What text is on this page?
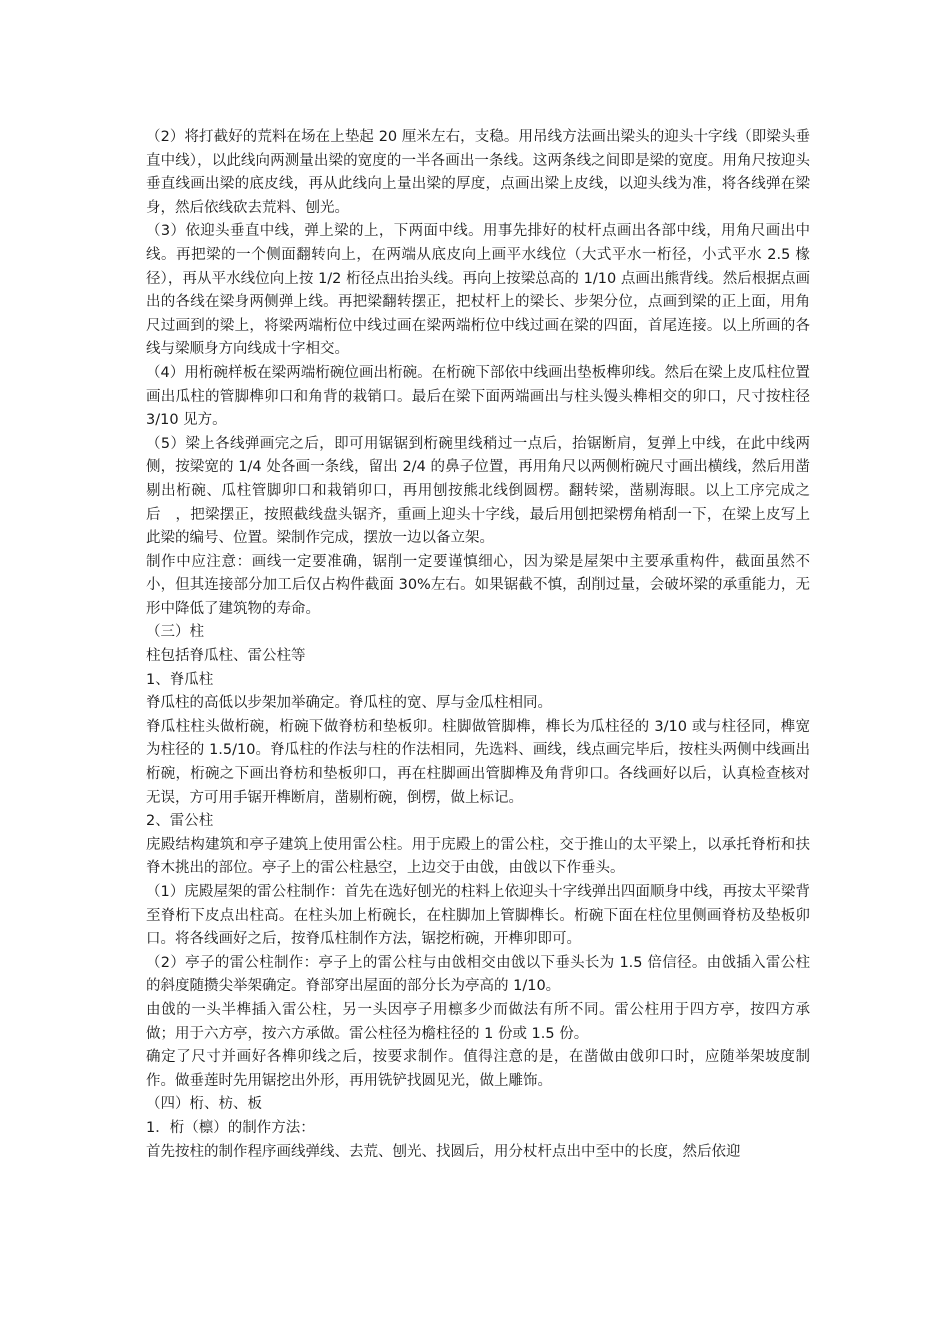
（2）将打截好的荒料在场在上垫起 20 厘米左右，支稳。用吊线方法画出梁头的迎头十字线（即梁头垂直中线），以此线向两测量出梁的宽度的一半各画出一条线。这两条线之间即是梁的宽度。用角尺按迎头垂直线画出梁的底皮线，再从此线向上量出梁的厚度，点画出梁上皮线，以迎头线为准，将各线弹在梁身，然后依线砍去荒料、刨光。

（3）依迎头垂直中线，弹上梁的上，下两面中线。用事先排好的杖杆点画出各部中线，用角尺画出中线。再把梁的一个侧面翻转向上，在两端从底皮向上画平水线位（大式平水一桁径，小式平水 2.5 椽径），再从平水线位向上按 1/2 桁径点出抬头线。再向上按梁总高的 1/10 点画出熊背线。然后根据点画出的各线在梁身两侧弹上线。再把梁翻转摆正，把杖杆上的梁长、步架分位，点画到梁的正上面，用角尺过画到的梁上，将梁两端桁位中线过画在梁两端桁位中线过画在梁的四面，首尾连接。以上所画的各线与梁顺身方向线成十字相交。

（4）用桁碗样板在梁两端桁碗位画出桁碗。在桁碗下部依中线画出垫板榫卯线。然后在梁上皮瓜柱位置画出瓜柱的管脚榫卯口和角背的栽销口。最后在梁下面两端画出与柱头馒头榫相交的卯口，尺寸按柱径 3/10 见方。

（5）梁上各线弹画完之后，即可用锯锯到桁碗里线稍过一点后，抬锯断肩，复弹上中线，在此中线两侧，按梁宽的 1/4 处各画一条线，留出 2/4 的鼻子位置，再用角尺以两侧桁碗尺寸画出横线，然后用凿剔出桁碗、瓜柱管脚卯口和栽销卯口，再用刨按熊北线倒圆楞。翻转梁，凿剔海眼。以上工序完成之后　，把梁摆正，按照截线盘头锯齐，重画上迎头十字线，最后用刨把梁楞角梢刮一下，在梁上皮写上此梁的编号、位置。梁制作完成，摆放一边以备立架。

制作中应注意：画线一定要准确，锯削一定要谨慎细心，因为梁是屋架中主要承重构件，截面虽然不小，但其连接部分加工后仅占构件截面 30%左右。如果锯截不慎，刮削过量，会破坏梁的承重能力，无形中降低了建筑物的寿命。

（三）柱

柱包括脊瓜柱、雷公柱等

1、脊瓜柱

脊瓜柱的高低以步架加举确定。脊瓜柱的宽、厚与金瓜柱相同。

脊瓜柱柱头做桁碗，桁碗下做脊枋和垫板卯。柱脚做管脚榫，榫长为瓜柱径的 3/10 或与柱径同，榫宽为柱径的 1.5/10。脊瓜柱的作法与柱的作法相同，先选料、画线，线点画完毕后，按柱头两侧中线画出桁碗，桁碗之下画出脊枋和垫板卯口，再在柱脚画出管脚榫及角背卯口。各线画好以后，认真检查核对无误，方可用手锯开榫断肩，凿剔桁碗，倒楞，做上标记。

2、雷公柱

庑殿结构建筑和亭子建筑上使用雷公柱。用于庑殿上的雷公柱，交于推山的太平梁上，以承托脊桁和扶脊木挑出的部位。亭子上的雷公柱悬空，上边交于由戗，由戗以下作垂头。

（1）庑殿屋架的雷公柱制作：首先在选好刨光的柱料上依迎头十字线弹出四面顺身中线，再按太平梁背至脊桁下皮点出柱高。在柱头加上桁碗长，在柱脚加上管脚榫长。桁碗下面在柱位里侧画脊枋及垫板卯口。将各线画好之后，按脊瓜柱制作方法，锯挖桁碗，开榫卯即可。

（2）亭子的雷公柱制作：亭子上的雷公柱与由戗相交由戗以下垂头长为 1.5 倍信径。由戗插入雷公柱的斜度随攒尖举架确定。脊部穿出屋面的部分长为亭高的 1/10。

由戗的一头半榫插入雷公柱，另一头因亭子用檩多少而做法有所不同。雷公柱用于四方亭，按四方承做；用于六方亭，按六方承做。雷公柱径为檐柱径的 1 份或 1.5 份。

确定了尺寸并画好各榫卯线之后，按要求制作。值得注意的是，在凿做由戗卯口时，应随举架坡度制作。做垂莲时先用锯挖出外形，再用铣铲找圆见光，做上雕饰。

（四）桁、枋、板

1．桁（檩）的制作方法：

首先按柱的制作程序画线弹线、去荒、刨光、找圆后，用分杖杆点出中至中的长度，然后依迎
